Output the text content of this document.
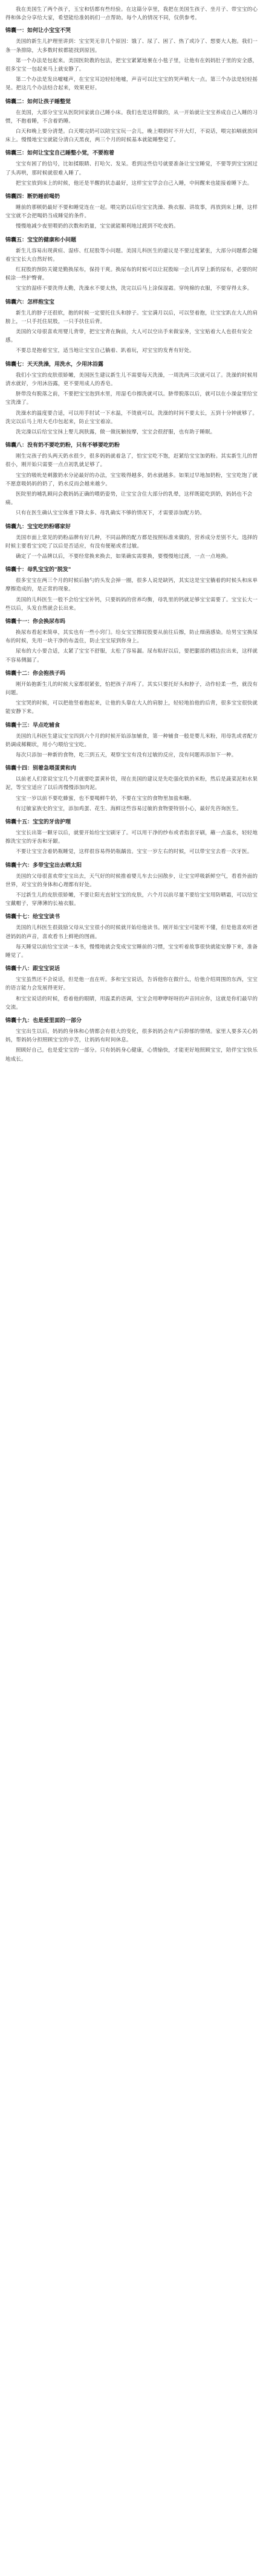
我在美国生了两个孩子，玉宝和恬都有些经验。在这篇分享里，我把在美国生孩子、坐月子、带宝宝的心得和体会分享给大家，希望能给准妈妈们一点帮助。每个人的情况不同，仅供参考。

锦囊一：如何让小宝宝不哭

美国的新生儿护理里讲到：宝宝哭无非几个原因：饿了、尿了、困了、热了或冷了、想要大人抱。我们一条一条排除，大多数时候都能找到原因。

第一个办法是包起来。美国医院教的包法，把宝宝紧紧地裹在小毯子里，让他有在妈妈肚子里的安全感，很多宝宝一包起来马上就安静了。

第二个办法是发出嘘嘘声，在宝宝耳边轻轻地嘘，声音可以比宝宝的哭声稍大一点。第三个办法是轻轻摇晃。把这几个办法结合起来，效果更好。

锦囊二：如何让孩子睡整觉

在美国，大部分宝宝从医院回家就自己睡小床。我们也是这样做的，从一开始就让宝宝养成自己入睡的习惯，不抱着睡，不含着奶睡。

白天和晚上要分清楚。白天喂完奶可以陪宝宝玩一会儿，晚上喂奶时不开大灯，不说话，喂完拍嗝就放回床上。慢慢地宝宝就能分清白天黑夜，两三个月的时候基本就能睡整觉了。

锦囊三：如何让宝宝自己睡整小觉，不要抱着

宝宝有困了的信号，比如揉眼睛、打哈欠、发呆。看到这些信号就要准备让宝宝睡觉，不要等到宝宝困过了头再哄，那时候就很难入睡了。

把宝宝放到床上的时候，他还是半醒的状态最好，这样宝宝学会自己入睡，中间醒来也能接着睡下去。

锦囊四：断奶睡前喝奶

睡前的那顿奶最好不要和睡觉连在一起。喂完奶以后给宝宝洗澡、换衣服、讲故事，再放到床上睡，这样宝宝就不会把喝奶当成睡觉的条件。

慢慢地减少夜里喂奶的次数和奶量，宝宝就能顺利地过渡到不吃夜奶。

锦囊五：宝宝的健康和小问题

新生儿容易出现黄疸、湿疹、红屁股等小问题。美国儿科医生的建议是不要过度紧张，大部分问题都会随着宝宝长大自然好转。

红屁股的预防关键是勤换尿布，保持干爽。换尿布的时候可以让屁股晾一会儿再穿上新的尿布，必要的时候涂一些护臀膏。

宝宝的湿疹不要洗得太勤，洗澡水不要太热，洗完以后马上涂保湿霜。穿纯棉的衣服，不要穿得太多。

锦囊六：怎样抱宝宝

新生儿的脖子还很软，抱的时候一定要托住头和脖子。宝宝满月以后，可以竖着抱，让宝宝趴在大人的肩膀上，一只手托住屁股，一只手扶住后背。

美国的父母很喜欢用婴儿背带，把宝宝背在胸前，大人可以空出手来做家务，宝宝贴着大人也很有安全感。

不要总是抱着宝宝，适当地让宝宝自己躺着、趴着玩，对宝宝的发育有好处。

锦囊七：天天洗澡，用洗水，少用沐浴露

我们小宝宝的皮肤很娇嫩，美国医生建议新生儿不需要每天洗澡，一周洗两三次就可以了。洗澡的时候用清水就好，少用沐浴露，更不要用成人的香皂。

脐带没有脱落之前，不要把宝宝泡到水里，用湿毛巾擦洗就可以。脐带脱落以后，就可以在小澡盆里给宝宝洗澡了。

洗澡水的温度要合适，可以用手肘试一下水温，不烫就可以。洗澡的时间不要太长，五到十分钟就够了。洗完以后马上用大毛巾包起来，防止宝宝着凉。

洗完澡以后给宝宝抹上婴儿润肤露，做一做抚触按摩，宝宝会很舒服，也有助于睡眠。

锦囊八：没有奶不要吃奶粉，只有不够要吃奶粉

刚生完孩子的头两天奶水很少，很多妈妈就着急了，怕宝宝吃不饱，赶紧给宝宝加奶粉。其实新生儿的胃很小，刚开始只需要一点点初乳就足够了。

宝宝的吸吮是刺激奶水分泌最好的办法，宝宝吸得越多，奶水就越多。如果过早地加奶粉，宝宝吃饱了就不愿意吸妈妈的奶了，奶水反而会越来越少。

医院里的哺乳顾问会教妈妈正确的喂奶姿势，让宝宝含住大部分的乳晕，这样既能吃到奶，妈妈也不会痛。

只有在医生确认宝宝体重下降太多、母乳确实不够的情况下，才需要添加配方奶。

锦囊九：宝宝吃奶粉哪家好

美国市面上常见的奶粉品牌有好几种，不同品牌的配方都是按照标准来做的，营养成分差别不大。选择的时候主要看宝宝吃了以后是否适应，有没有便秘或者过敏。

确定了一个品牌以后，不要经常换来换去，如果确实需要换，要慢慢地过渡，一点一点地换。

锦囊十：母乳宝宝的"脱发"

很多宝宝在两三个月的时候后脑勺的头发会掉一圈，很多人说是缺钙，其实这是宝宝躺着的时候头和床单摩擦造成的，是正常的现象。

美国的儿科医生一般不会给宝宝补钙，只要妈妈的营养均衡，母乳里的钙就足够宝宝需要了。宝宝长大一些以后，头发自然就会长出来。

锦囊十一：你会换尿布吗

换尿布看起来简单，其实也有一些小窍门。给女宝宝擦屁股要从前往后擦，防止细菌感染。给男宝宝换尿布的时候，先用一块干净的布盖住，防止宝宝尿到你身上。

尿布的大小要合适，太紧了宝宝不舒服，太松了容易漏。尿布粘好以后，要把腿部的褶边拉出来，这样就不容易侧漏了。

锦囊十二：你会抱孩子吗

刚开始抱新生儿的时候大家都很紧张，怕把孩子弄疼了。其实只要托好头和脖子，动作轻柔一些，就没有问题。

宝宝哭的时候，可以把他竖着抱起来，让他的头靠在大人的肩膀上，轻轻地拍他的后背，很多宝宝很快就能安静下来。

锦囊十三：早点吃辅食

美国的儿科医生建议宝宝四到六个月的时候开始添加辅食，第一种辅食一般是婴儿米粉，用母乳或者配方奶调成稀糊状，用小勺喂给宝宝吃。

每次只添加一种新的食物，吃三到五天，观察宝宝有没有过敏的反应，没有问题再添加下一种。

锦囊十四：别着急喂蛋黄和肉

以前老人们常说宝宝几个月就要吃蛋黄补铁，现在美国的建议是先吃强化铁的米粉，然后是蔬菜泥和水果泥，等宝宝适应了以后再慢慢添加肉泥。

宝宝一岁以前不要吃蜂蜜，也不要喝鲜牛奶，不要在宝宝的食物里加盐和糖。

有过敏家族史的宝宝，添加鸡蛋、花生、海鲜这些容易过敏的食物要特别小心，最好先咨询医生。

锦囊十五：宝宝的牙齿护理

宝宝长出第一颗牙以后，就要开始给宝宝刷牙了。可以用干净的纱布或者指套牙刷，蘸一点温水，轻轻地擦洗宝宝的牙齿和牙龈。

不要让宝宝含着奶瓶睡觉，这样很容易得奶瓶龋齿。宝宝一岁左右的时候，可以带宝宝去看一次牙医。

锦囊十六：多带宝宝出去晒太阳

美国的父母很喜欢带宝宝出去，天气好的时候推着婴儿车去公园散步，让宝宝呼吸新鲜空气，看看外面的世界，对宝宝的身体和心理都有好处。

不过新生儿的皮肤很娇嫩，不要让阳光直射宝宝的皮肤，六个月以前尽量不要给宝宝用防晒霜，可以给宝宝戴帽子，穿薄薄的长袖衣服。

锦囊十七：给宝宝读书

美国的儿科医生很鼓励父母从宝宝很小的时候就开始给他读书。刚开始宝宝可能听不懂，但是他喜欢听爸爸妈妈的声音，喜欢看书上鲜艳的图画。

每天睡觉以前给宝宝读一本书，慢慢地就会变成宝宝睡前的习惯，宝宝听着故事很快就能安静下来，准备睡觉了。

锦囊十八：跟宝宝说话

宝宝虽然还不会说话，但是他一直在听。多和宝宝说话，告诉他你在做什么，给他介绍周围的东西，宝宝的语言能力会发展得更好。

和宝宝说话的时候，看着他的眼睛，用温柔的语调，宝宝会用咿咿呀呀的声音回应你，这就是你们最早的交流。

锦囊十九：也是爱里面的一部分

宝宝出生以后，妈妈的身体和心情都会有很大的变化，很多妈妈会有产后抑郁的情绪。家里人要多关心妈妈，帮妈妈分担照顾宝宝的辛苦，让妈妈有时间休息。

照顾好自己，也是爱宝宝的一部分。只有妈妈身心健康，心情愉快，才能更好地照顾宝宝，陪伴宝宝快乐地成长。
